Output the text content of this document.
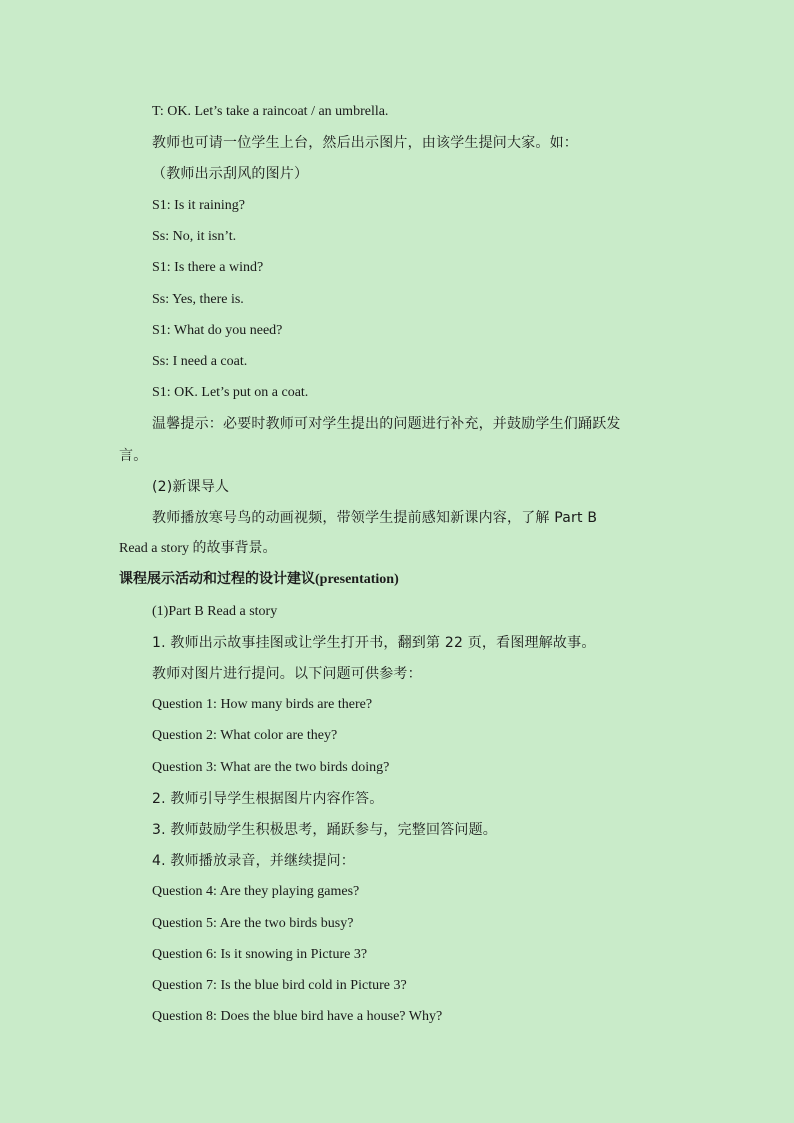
T: OK. Let’s take a raincoat / an umbrella.
教师也可请一位学生上台，然后出示图片，由该学生提问大家。如：
（教师出示刮风的图片）
S1: Is it raining?
Ss: No, it isn’t.
S1: Is there a wind?
Ss: Yes, there is.
S1: What do you need?
Ss: I need a coat.
S1: OK. Let’s put on a coat.
温馨提示：必要时教师可对学生提出的问题进行补充，并鼓励学生们踊跃发
言。
(2)新课导人
教师播放寒号鸟的动画视频，带领学生提前感知新课内容，了解 Part B
Read a story 的故事背景。
课程展示活动和过程的设计建议(presentation)
(1)Part B Read a story
1. 教师出示故事挂图或让学生打开书，翻到第 22 页，看图理解故事。
教师对图片进行提问。以下问题可供参考：
Question 1: How many birds are there?
Question 2: What color are they?
Question 3: What are the two birds doing?
2. 教师引导学生根据图片内容作答。
3. 教师鼓励学生积极思考，踊跃参与，完整回答问题。
4. 教师播放录音，并继续提问：
Question 4: Are they playing games?
Question 5: Are the two birds busy?
Question 6: Is it snowing in Picture 3?
Question 7: Is the blue bird cold in Picture 3?
Question 8: Does the blue bird have a house? Why?
